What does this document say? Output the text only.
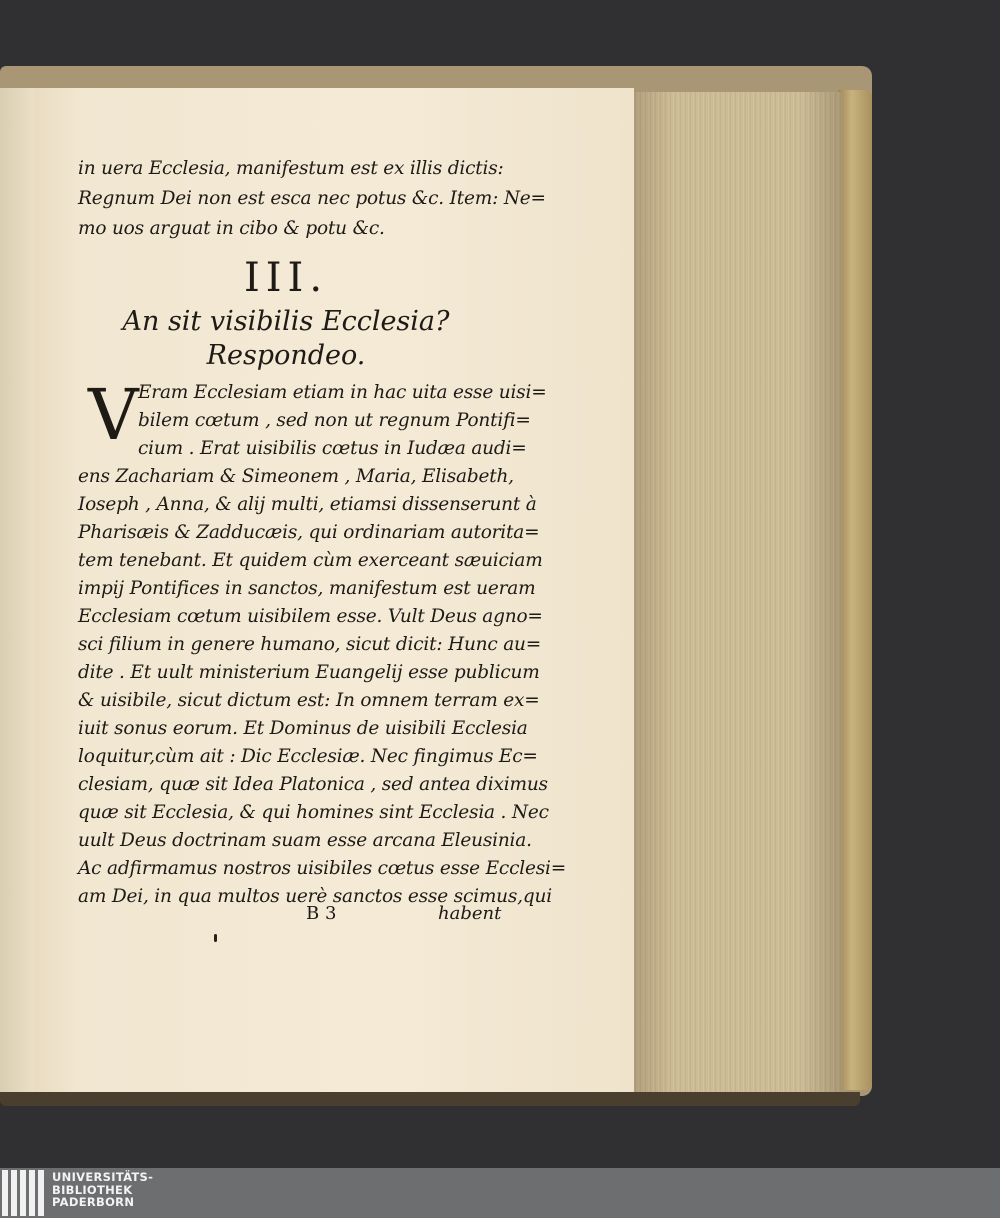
in uera Ecclesia, manifestum est ex illis dictis:
Regnum Dei non est esca nec potus &c. Item: Ne=
mo uos arguat in cibo & potu &c.
III.
An sit visibilis Ecclesia?
Respondeo.
V Eram Ecclesiam etiam in hac uita esse uisi=
bilem cœtum , sed non ut regnum Pontifi=
cium . Erat uisibilis cœtus in Iudæa audi=
ens Zachariam & Simeonem , Maria, Elisabeth,
Ioseph , Anna, & alij multi, etiamsi dissenserunt à
Pharisæis & Zadducæis, qui ordinariam autorita=
tem tenebant. Et quidem cùm exerceant sæuiciam
impij Pontifices in sanctos, manifestum est ueram
Ecclesiam cœtum uisibilem esse. Vult Deus agno=
sci filium in genere humano, sicut dicit: Hunc au=
dite . Et uult ministerium Euangelij esse publicum
& uisibile, sicut dictum est: In omnem terram ex=
iuit sonus eorum. Et Dominus de uisibili Ecclesia
loquitur,cùm ait : Dic Ecclesiæ. Nec fingimus Ec=
clesiam, quæ sit Idea Platonica , sed antea diximus
quæ sit Ecclesia, & qui homines sint Ecclesia . Nec
uult Deus doctrinam suam esse arcana Eleusinia.
Ac adfirmamus nostros uisibiles cœtus esse Ecclesi=
am Dei, in qua multos uerè sanctos esse scimus,qui
B 3	habent
UNIVERSITÄTS-
BIBLIOTHEK
PADERBORN
